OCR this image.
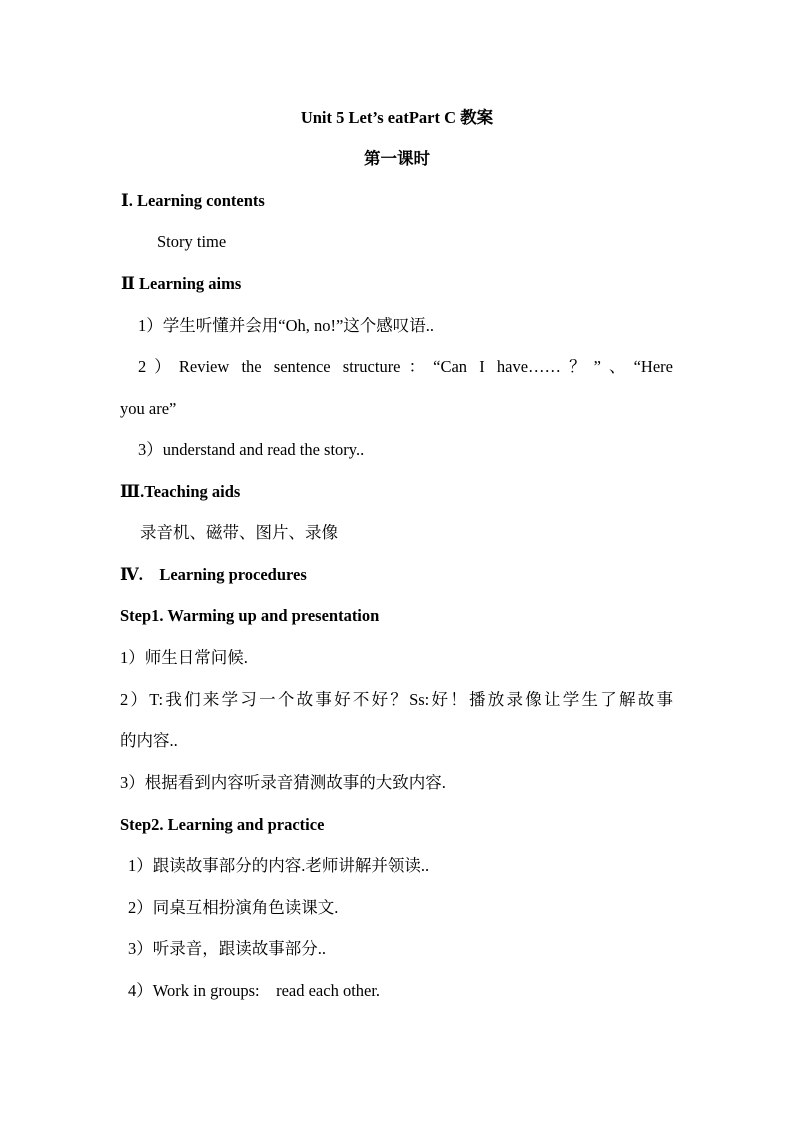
Unit 5 Let’s eatPart C 教案

第一课时

Ⅰ. Learning contents

Story time

Ⅱ Learning aims

1）学生听懂并会用“Oh, no!”这个感叹语..

2）Review the sentence structure：“Can I have……？”、“Here

you are”

3）understand and read the story..

Ⅲ.Teaching aids

录音机、磁带、图片、录像

Ⅳ.    Learning procedures

Step1. Warming up and presentation

1）师生日常问候.

2）T:我们来学习一个故事好不好？Ss:好！播放录像让学生了解故事

的内容..

3）根据看到内容听录音猜测故事的大致内容.

Step2. Learning and practice

1）跟读故事部分的内容.老师讲解并领读..

2）同桌互相扮演角色读课文.

3）听录音，跟读故事部分..

4）Work in groups:    read each other.
